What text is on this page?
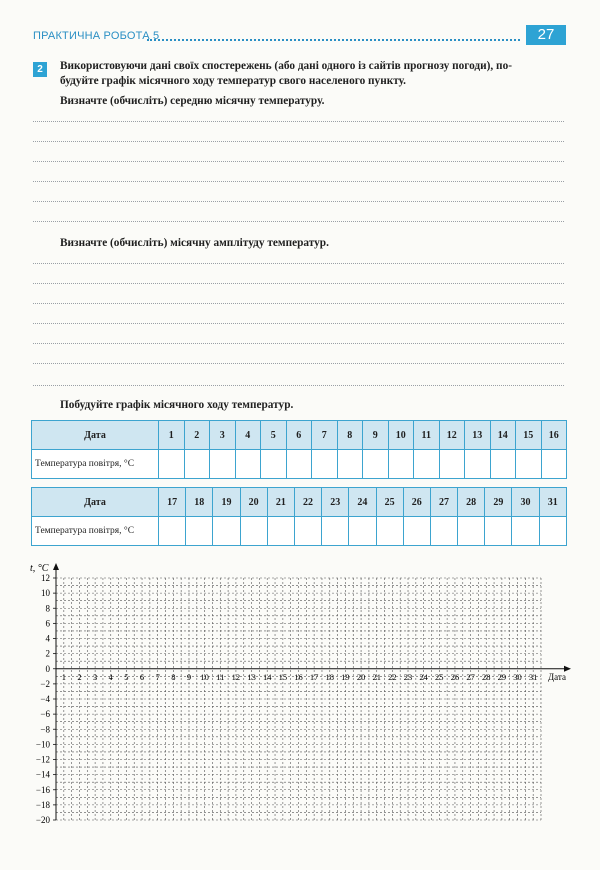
ПРАКТИЧНА РОБОТА 5	27
2	Використовуючи дані своїх спостережень (або дані одного із сайтів прогнозу погоди), по-
будуйте графік місячного ходу температур свого населеного пункту.
Визначте (обчисліть) середню місячну температуру.
Визначте (обчисліть) місячну амплітуду температур.
Побудуйте графік місячного ходу температур.
Дата	1	2	3	4	5	6	7	8	9	10	11	12	13	14	15	16
Температура повітря, °С																
Дата	17	18	19	20	21	22	23	24	25	26	27	28	29	30	31
Температура повітря, °С															
12
10
8
6
4
2
0
−2
−4
−6
−8
−10
−12
−14
−16
−18
−20
1 2 3 4 5 6 7 8 9 10 11 12 13 14 15 16 17 18 19 20 21 22 23 24 25 26 27 28 29 30 31
t, °C
Дата
